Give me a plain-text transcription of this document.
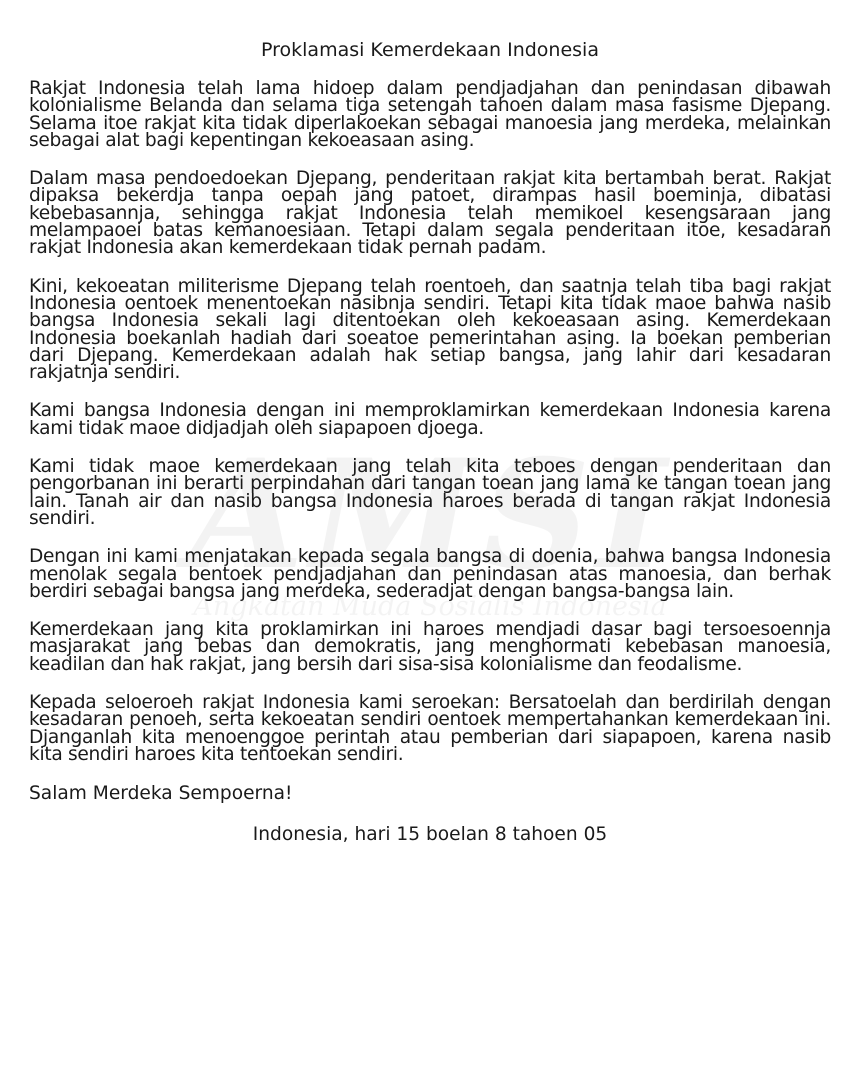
Proklamasi Kemerdekaan Indonesia

Rakjat Indonesia telah lama hidoep dalam pendjadjahan dan penindasan dibawah kolonialisme Belanda dan selama tiga setengah tahoen dalam masa fasisme Djepang. Selama itoe rakjat kita tidak diperlakoekan sebagai manoesia jang merdeka, melainkan sebagai alat bagi kepentingan kekoeasaan asing.

Dalam masa pendoedoekan Djepang, penderitaan rakjat kita bertambah berat. Rakjat dipaksa bekerdja tanpa oepah jang patoet, dirampas hasil boeminja, dibatasi kebebasannja, sehingga rakjat Indonesia telah memikoel kesengsaraan jang melampaoei batas kemanoesiaan. Tetapi dalam segala penderitaan itoe, kesadaran rakjat Indonesia akan kemerdekaan tidak pernah padam.

Kini, kekoeatan militerisme Djepang telah roentoeh, dan saatnja telah tiba bagi rakjat Indonesia oentoek menentoekan nasibnja sendiri. Tetapi kita tidak maoe bahwa nasib bangsa Indonesia sekali lagi ditentoekan oleh kekoeasaan asing. Kemerdekaan Indonesia boekanlah hadiah dari soeatoe pemerintahan asing. Ia boekan pemberian dari Djepang. Kemerdekaan adalah hak setiap bangsa, jang lahir dari kesadaran rakjatnja sendiri.

Kami bangsa Indonesia dengan ini memproklamirkan kemerdekaan Indonesia karena kami tidak maoe didjadjah oleh siapapoen djoega.

Kami tidak maoe kemerdekaan jang telah kita teboes dengan penderitaan dan pengorbanan ini berarti perpindahan dari tangan toean jang lama ke tangan toean jang lain. Tanah air dan nasib bangsa Indonesia haroes berada di tangan rakjat Indonesia sendiri.

Dengan ini kami menjatakan kepada segala bangsa di doenia, bahwa bangsa Indonesia menolak segala bentoek pendjadjahan dan penindasan atas manoesia, dan berhak berdiri sebagai bangsa jang merdeka, sederadjat dengan bangsa-bangsa lain.

Kemerdekaan jang kita proklamirkan ini haroes mendjadi dasar bagi tersoesoennja masjarakat jang bebas dan demokratis, jang menghormati kebebasan manoesia, keadilan dan hak rakjat, jang bersih dari sisa-sisa kolonialisme dan feodalisme.

Kepada seloeroeh rakjat Indonesia kami seroekan: Bersatoelah dan berdirilah dengan kesadaran penoeh, serta kekoeatan sendiri oentoek mempertahankan kemerdekaan ini. Djanganlah kita menoenggoe perintah atau pemberian dari siapapoen, karena nasib kita sendiri haroes kita tentoekan sendiri.

Salam Merdeka Sempoerna!

Indonesia, hari 15 boelan 8 tahoen 05
